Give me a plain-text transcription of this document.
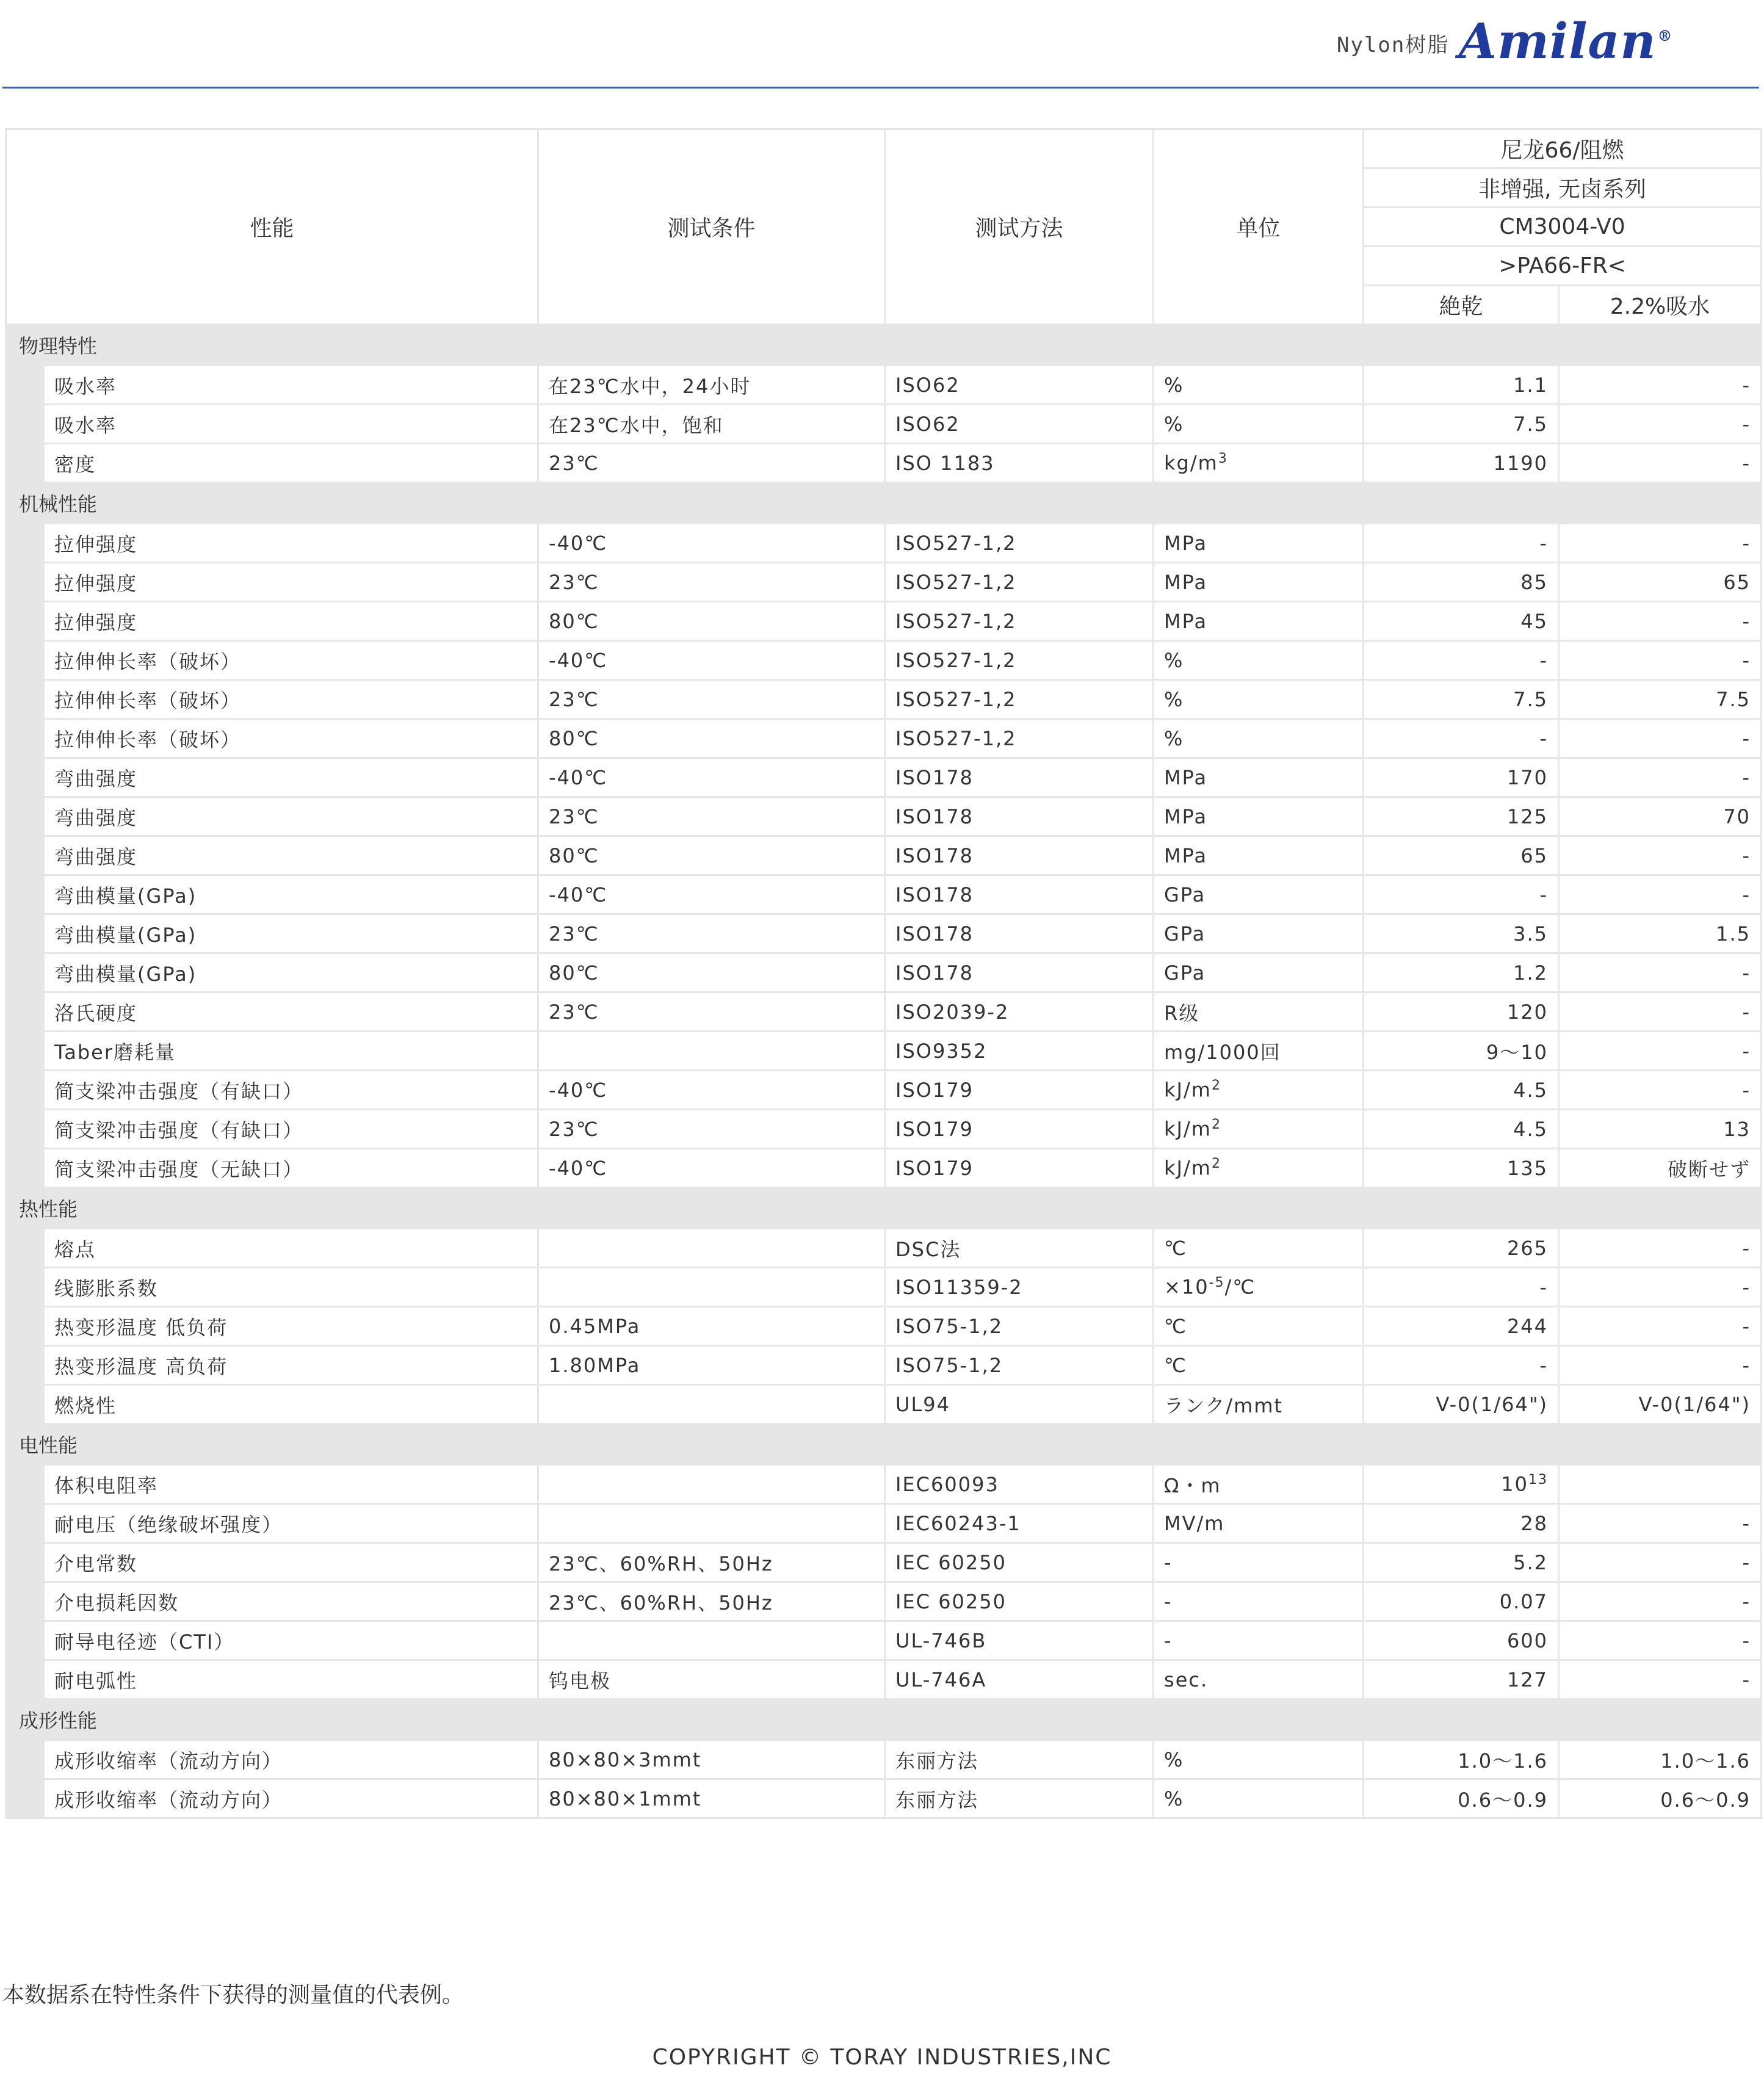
Nylon树脂 Amilan®
性能		测试条件	测试方法	单位	尼龙66/阻燃	
					非增强, 无卤系列	
					CM3004-V0	
					>PA66-FR<	
					絶乾	2.2%吸水
物理特性						
	吸水率	在23℃水中，24小时	ISO62	%	1.1	-
	吸水率	在23℃水中，饱和	ISO62	%	7.5	-
	密度	23℃	ISO 1183	$kg/m^3$	1190	-
机械性能						
	拉伸强度	-40℃	ISO527-1,2	MPa	-	-
	拉伸强度	23℃	ISO527-1,2	MPa	85	65
	拉伸强度	80℃	ISO527-1,2	MPa	45	-
	拉伸伸长率（破坏）	-40℃	ISO527-1,2	%	-	-
	拉伸伸长率（破坏）	23℃	ISO527-1,2	%	7.5	7.5
	拉伸伸长率（破坏）	80℃	ISO527-1,2	%	-	-
	弯曲强度	-40℃	ISO178	MPa	170	-
	弯曲强度	23℃	ISO178	MPa	125	70
	弯曲强度	80℃	ISO178	MPa	65	-
	弯曲模量(GPa)	-40℃	ISO178	GPa	-	-
	弯曲模量(GPa)	23℃	ISO178	GPa	3.5	1.5
	弯曲模量(GPa)	80℃	ISO178	GPa	1.2	-
	洛氏硬度	23℃	ISO2039-2	R级	120	-
	Taber磨耗量		ISO9352	mg/1000回	9～10	-
	简支梁冲击强度（有缺口）	-40℃	ISO179	$kJ/m^2$	4.5	-
	简支梁冲击强度（有缺口）	23℃	ISO179	$kJ/m^2$	4.5	13
	简支梁冲击强度（无缺口）	-40℃	ISO179	$kJ/m^2$	135	破断せず
热性能						
	熔点		DSC法	℃	265	-
	线膨胀系数		ISO11359-2	$\times 10^{-5}/℃$	-	-
	热变形温度 低负荷	0.45MPa	ISO75-1,2	℃	244	-
	热变形温度 高负荷	1.80MPa	ISO75-1,2	℃	-	-
	燃烧性		UL94	ランク/mmt	V-0(1/64")	V-0(1/64")
电性能						
	体积电阻率		IEC60093	Ω・m	$10^{13}$	
	耐电压（绝缘破坏强度）		IEC60243-1	MV/m	28	-
	介电常数	23℃、60%RH、50Hz	IEC 60250	-	5.2	-
	介电损耗因数	23℃、60%RH、50Hz	IEC 60250	-	0.07	-
	耐导电径迹（CTI）		UL-746B	-	600	-
	耐电弧性	钨电极	UL-746A	sec.	127	-
成形性能						
	成形收缩率（流动方向）	80×80×3mmt	东丽方法	%	1.0～1.6	1.0～1.6
	成形收缩率（流动方向）	80×80×1mmt	东丽方法	%	0.6～0.9	0.6～0.9
本数据系在特性条件下获得的测量值的代表例。
COPYRIGHT © TORAY INDUSTRIES,INC
